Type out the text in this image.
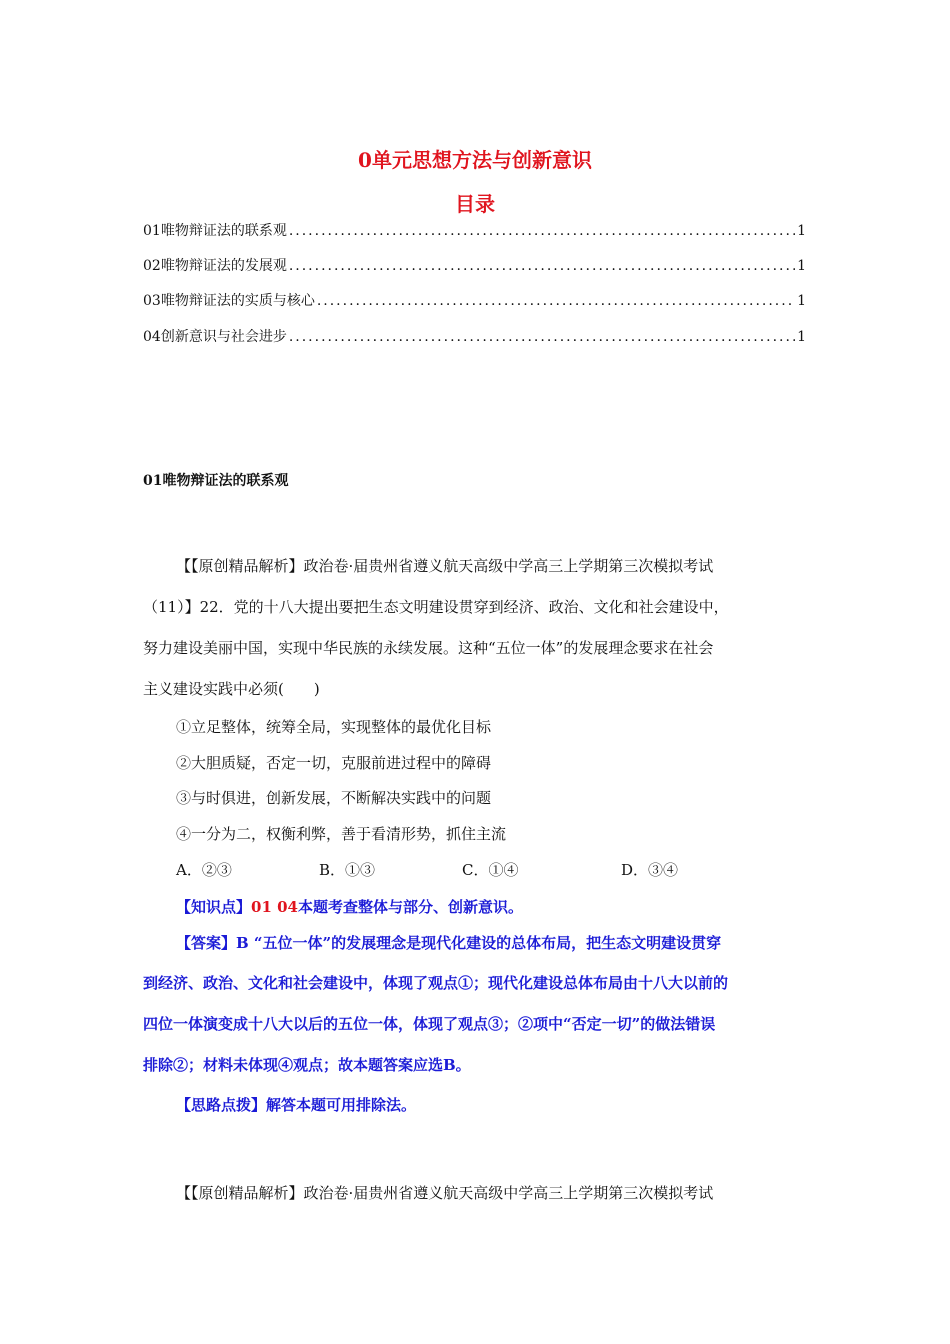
0单元思想方法与创新意识
目录
01唯物辩证法的联系观 .....	1
02唯物辩证法的发展观 .....	1
03唯物辩证法的实质与核心 .....	1
04创新意识与社会进步 .....	1
01唯物辩证法的联系观
【【原创精品解析】政治卷·届贵州省遵义航天高级中学高三上学期第三次模拟考试
（11）】22．党的十八大提出要把生态文明建设贯穿到经济、政治、文化和社会建设中，
努力建设美丽中国，实现中华民族的永续发展。这种“五位一体”的发展理念要求在社会
主义建设实践中必须(　　)
①立足整体，统筹全局，实现整体的最优化目标
②大胆质疑，否定一切，克服前进过程中的障碍
③与时俱进，创新发展，不断解决实践中的问题
④一分为二，权衡利弊，善于看清形势，抓住主流
A．②③	B．①③	C．①④	D．③④
【知识点】01 04本题考查整体与部分、创新意识。
【答案】B “五位一体”的发展理念是现代化建设的总体布局，把生态文明建设贯穿
到经济、政治、文化和社会建设中，体现了观点①；现代化建设总体布局由十八大以前的
四位一体演变成十八大以后的五位一体，体现了观点③；②项中“否定一切”的做法错误
排除②；材料未体现④观点；故本题答案应选B。
【思路点拨】解答本题可用排除法。
【【原创精品解析】政治卷·届贵州省遵义航天高级中学高三上学期第三次模拟考试
